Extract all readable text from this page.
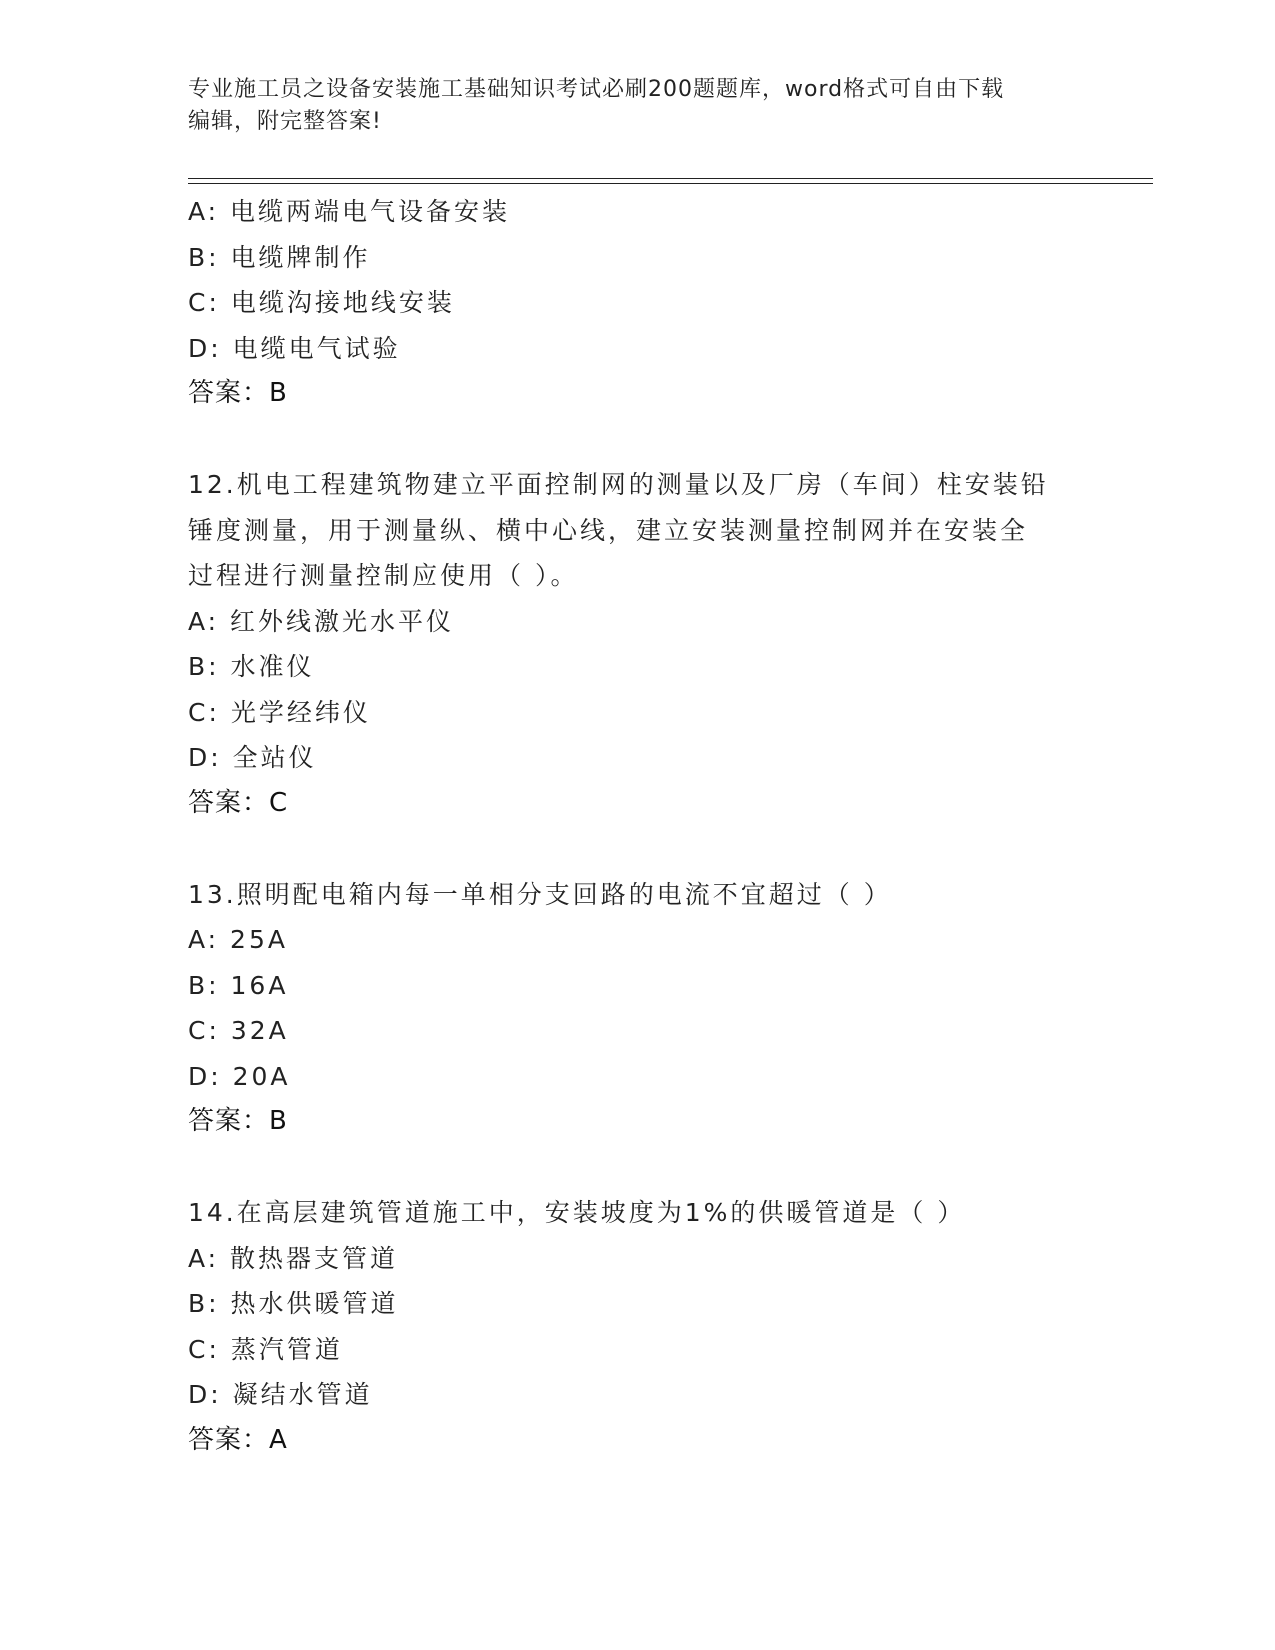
专业施工员之设备安装施工基础知识考试必刷200题题库，word格式可自由下载
编辑，附完整答案!
A: 电缆两端电气设备安装
B: 电缆牌制作
C: 电缆沟接地线安装
D: 电缆电气试验
答案：B
12.机电工程建筑物建立平面控制网的测量以及厂房（车间）柱安装铅
锤度测量，用于测量纵、横中心线，建立安装测量控制网并在安装全
过程进行测量控制应使用（ ）。
A: 红外线激光水平仪
B: 水准仪
C: 光学经纬仪
D: 全站仪
答案：C
13.照明配电箱内每一单相分支回路的电流不宜超过（ ）
A: 25A
B: 16A
C: 32A
D: 20A
答案：B
14.在高层建筑管道施工中，安装坡度为1%的供暖管道是（ ）
A: 散热器支管道
B: 热水供暖管道
C: 蒸汽管道
D: 凝结水管道
答案：A
